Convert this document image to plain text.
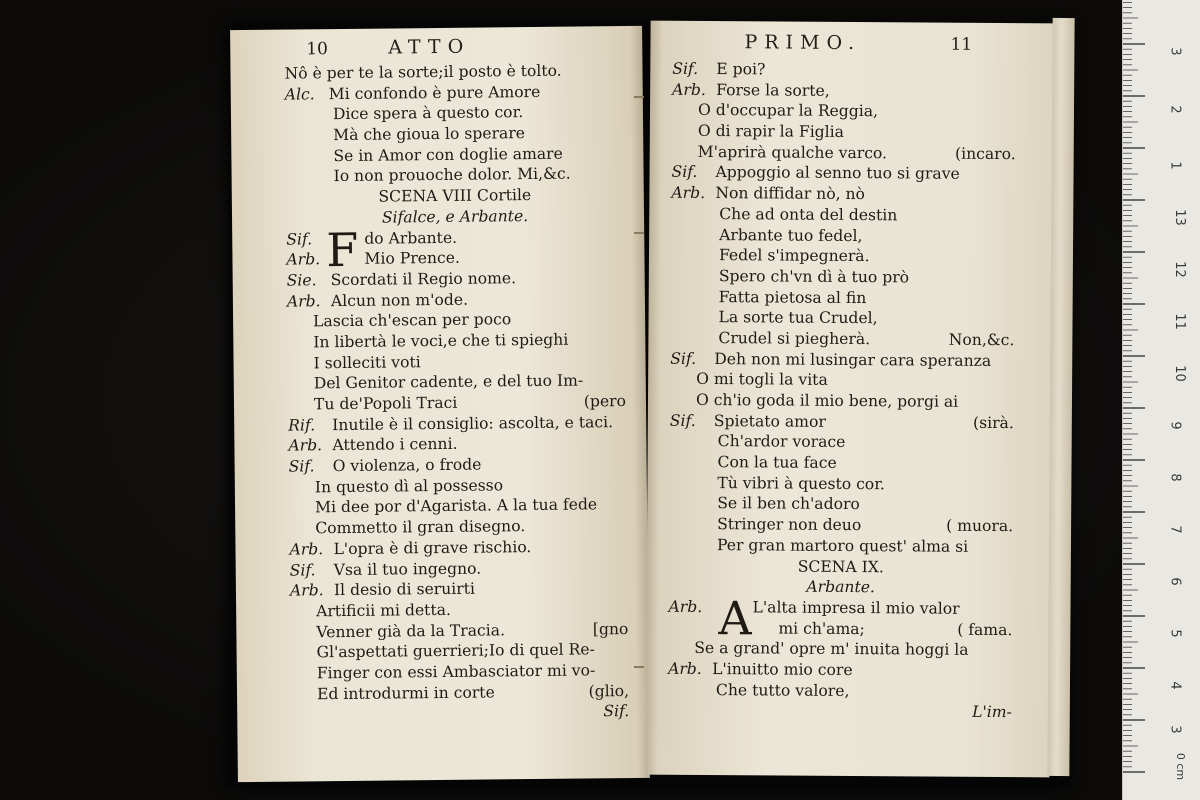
10	ATTO
Nô è per te la sorte;il posto è tolto.
Alc. Mi confondo è pure Amore
Dice spera à questo cor.
Mà che gioua lo sperare
Se in Amor con doglie amare
Io non prouoche dolor. Mi,&c.
SCENA VIII Cortile
Sifalce, e Arbante.
Sif.	do Arbante.
Arb.	Mio Prence.
Sie. Scordati il Regio nome.
Arb. Alcun non m'ode.
Lascia ch'escan per poco
In libertà le voci,e che ti spieghi
I solleciti voti
Del Genitor cadente, e del tuo Im-
Tu de'Popoli Traci	(pero
Rif. Inutile è il consiglio: ascolta, e taci.
Arb. Attendo i cenni.
Sif. O violenza, o frode
In questo dì al possesso
Mi dee por d'Agarista. A la tua fede
Commetto il gran disegno.
Arb. L'opra è di grave rischio.
Sif. Vsa il tuo ingegno.
Arb. Il desio di seruirti
Artificii mi detta.
Venner già da la Tracia.	[gno
Gl'aspettati guerrieri;Io di quel Re-
Finger con essi Ambasciator mi vo-
Ed introdurmi in corte	(glio,
Sif.
F
PRIMO.	11
Sif. E poi?
Arb. Forse la sorte,
O d'occupar la Reggia,
O di rapir la Figlia
M'aprirà qualche varco.	(incaro.
Sif. Appoggio al senno tuo si grave
Arb. Non diffidar nò, nò
Che ad onta del destin
Arbante tuo fedel,
Fedel s'impegnerà.
Spero ch'vn dì à tuo prò
Fatta pietosa al fin
La sorte tua Crudel,
Crudel si piegherà.	Non,&c.
Sif. Deh non mi lusingar cara speranza
O mi togli la vita
O ch'io goda il mio bene, porgi ai
Sif. Spietato amor	(sirà.
Ch'ardor vorace
Con la tua face
Tù vibri à questo cor.
Se il ben ch'adoro
Stringer non deuo	( muora.
Per gran martoro quest' alma si
SCENA IX.
Arbante.
Arb.	L'alta impresa il mio valor
mi ch'ama;	( fama.
Se a grand' opre m' inuita hoggi la
Arb. L'inuitto mio core
Che tutto valore,
L'im-
A
3
2
1
13
12
11
10
9
8
7
6
5
4
3
0 cm
